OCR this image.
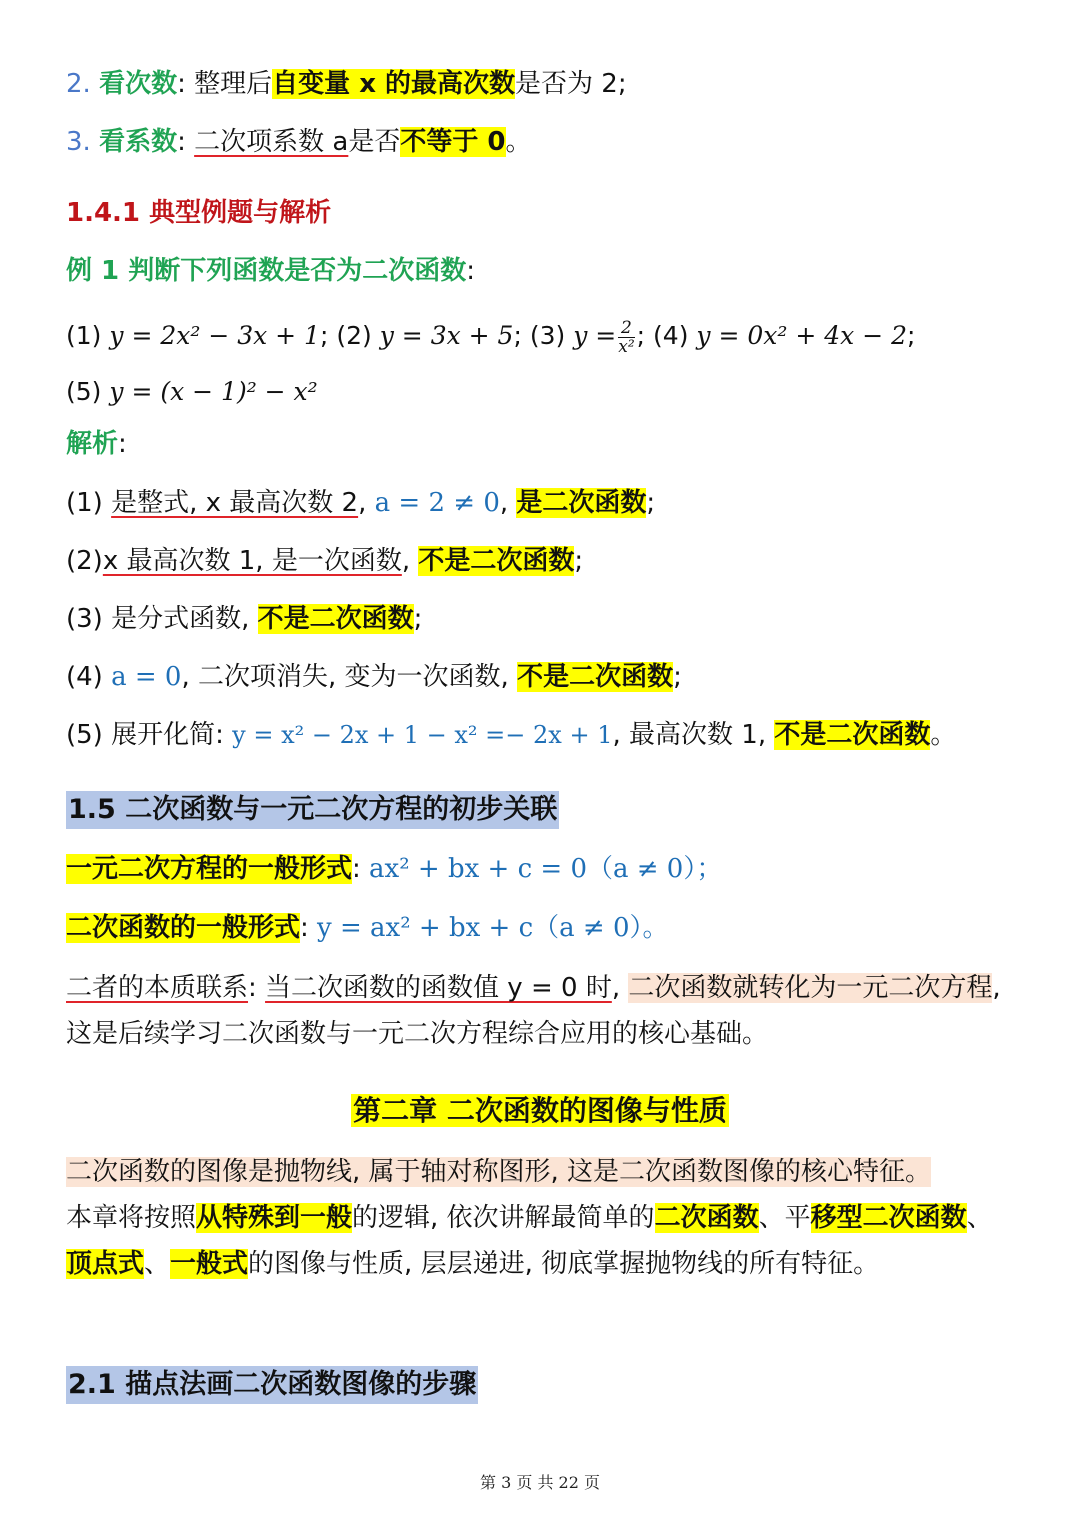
2. 看次数: 整理后自变量 x 的最高次数是否为 2;
3. 看系数: 二次项系数 a是否不等于 0。
1.4.1 典型例题与解析
例 1 判断下列函数是否为二次函数:
(1) y = 2x² − 3x + 1; (2) y = 3x + 5; (3) $y = \frac{2}{\text{x²}}$ ; (4) y = 0x² + 4x − 2;
(5) y = (x − 1)² − x²
解析:
(1) 是整式, x 最高次数 2, a = 2 ≠ 0, 是二次函数;
(2)x 最高次数 1, 是一次函数, 不是二次函数;
(3) 是分式函数, 不是二次函数;
(4) a = 0, 二次项消失, 变为一次函数, 不是二次函数;
(5) 展开化简: y = x² − 2x + 1 − x² =− 2x + 1, 最高次数 1, 不是二次函数。
1.5 二次函数与一元二次方程的初步关联
一元二次方程的一般形式: ax² + bx + c = 0（a ≠ 0）；
二次函数的一般形式: y = ax² + bx + c（a ≠ 0）。
二者的本质联系: 当二次函数的函数值 y = 0 时, 二次函数就转化为一元二次方程, 这是后续学习二次函数与一元二次方程综合应用的核心基础。
第二章 二次函数的图像与性质
二次函数的图像是抛物线, 属于轴对称图形, 这是二次函数图像的核心特征。
本章将按照从特殊到一般的逻辑, 依次讲解最简单的二次函数、平移型二次函数、顶点式、一般式的图像与性质, 层层递进, 彻底掌握抛物线的所有特征。
2.1 描点法画二次函数图像的步骤
第 3 页 共 22 页
